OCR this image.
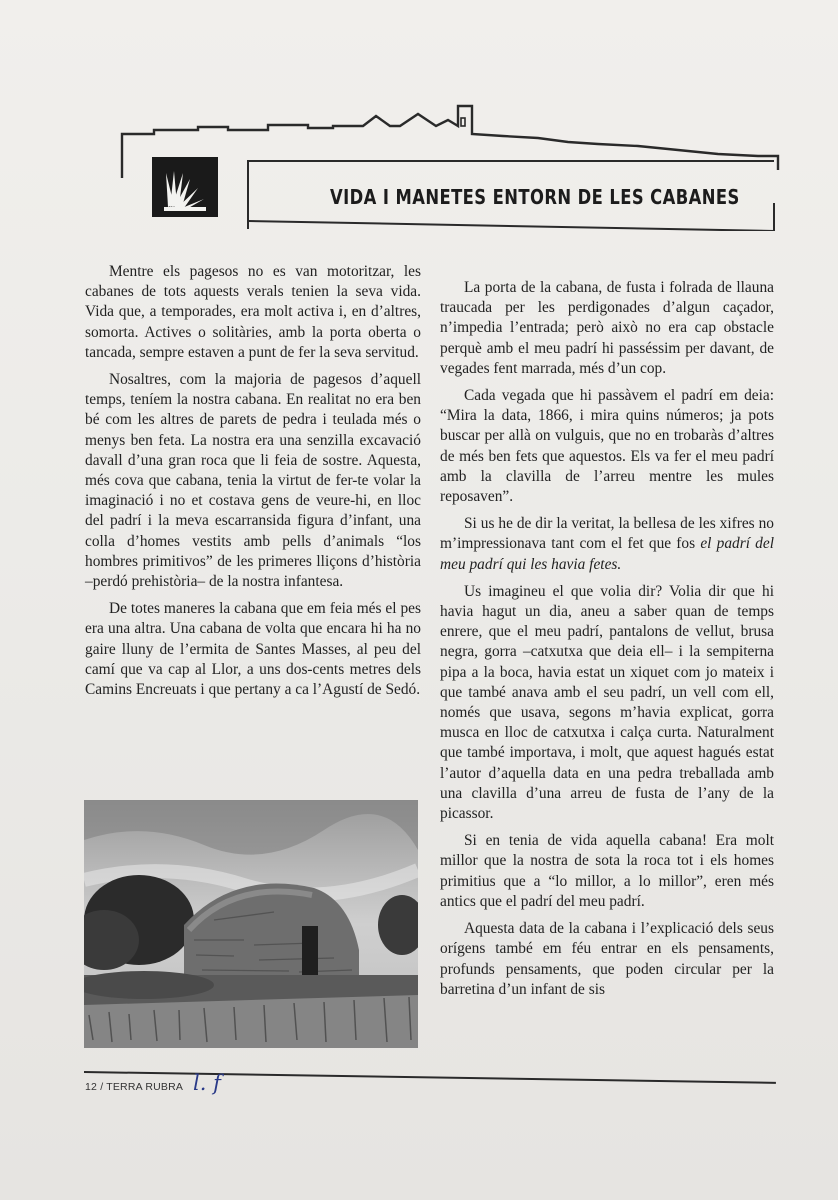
VIDA I MANETES ENTORN DE LES CABANES

Mentre els pagesos no es van motoritzar, les cabanes de tots aquests verals tenien la seva vida. Vida que, a temporades, era molt activa i, en d’altres, somorta. Actives o solitàries, amb la porta oberta o tancada, sempre estaven a punt de fer la seva servitud.

Nosaltres, com la majoria de pagesos d’aquell temps, teníem la nostra cabana. En realitat no era ben bé com les altres de parets de pedra i teulada més o menys ben feta. La nostra era una senzilla excavació davall d’una gran roca que li feia de sostre. Aquesta, més cova que cabana, tenia la virtut de fer-te volar la imaginació i no et costava gens de veure-hi, en lloc del padrí i la meva escarransida figura d’infant, una colla d’homes vestits amb pells d’animals “los hombres primitivos” de les primeres lliçons d’història –perdó prehistòria– de la nostra infantesa.

De totes maneres la cabana que em feia més el pes era una altra. Una cabana de volta que encara hi ha no gaire lluny de l’ermita de Santes Masses, al peu del camí que va cap al Llor, a uns dos-cents metres dels Camins Encreuats i que pertany a ca l’Agustí de Sedó.

La porta de la cabana, de fusta i folrada de llauna traucada per les perdigonades d’algun caçador, n’impedia l’entrada; però això no era cap obstacle perquè amb el meu padrí hi passéssim per davant, de vegades fent marrada, més d’un cop.

Cada vegada que hi passàvem el padrí em deia: “Mira la data, 1866, i mira quins números; ja pots buscar per allà on vulguis, que no en trobaràs d’altres de més ben fets que aquestos. Els va fer el meu padrí amb la clavilla de l’arreu mentre les mules reposaven”.

Si us he de dir la veritat, la bellesa de les xifres no m’impressionava tant com el fet que fos el padrí del meu padrí qui les havia fetes.

Us imagineu el que volia dir? Volia dir que hi havia hagut un dia, aneu a saber quan de temps enrere, que el meu padrí, pantalons de vellut, brusa negra, gorra –catxutxa que deia ell– i la sempiterna pipa a la boca, havia estat un xiquet com jo mateix i que també anava amb el seu padrí, un vell com ell, només que usava, segons m’havia explicat, gorra musca en lloc de catxutxa i calça curta. Naturalment que també importava, i molt, que aquest hagués estat l’autor d’aquella data en una pedra treballada amb una clavilla d’una arreu de fusta de l’any de la picassor.

Si en tenia de vida aquella cabana! Era molt millor que la nostra de sota la roca tot i els homes primitius que a “lo millor, a lo millor”, eren més antics que el padrí del meu padrí.

Aquesta data de la cabana i l’explicació dels seus orígens també em féu entrar en els pensaments, profunds pensaments, que poden circular per la barretina d’un infant de sis

12 / TERRA RUBRA l. f
